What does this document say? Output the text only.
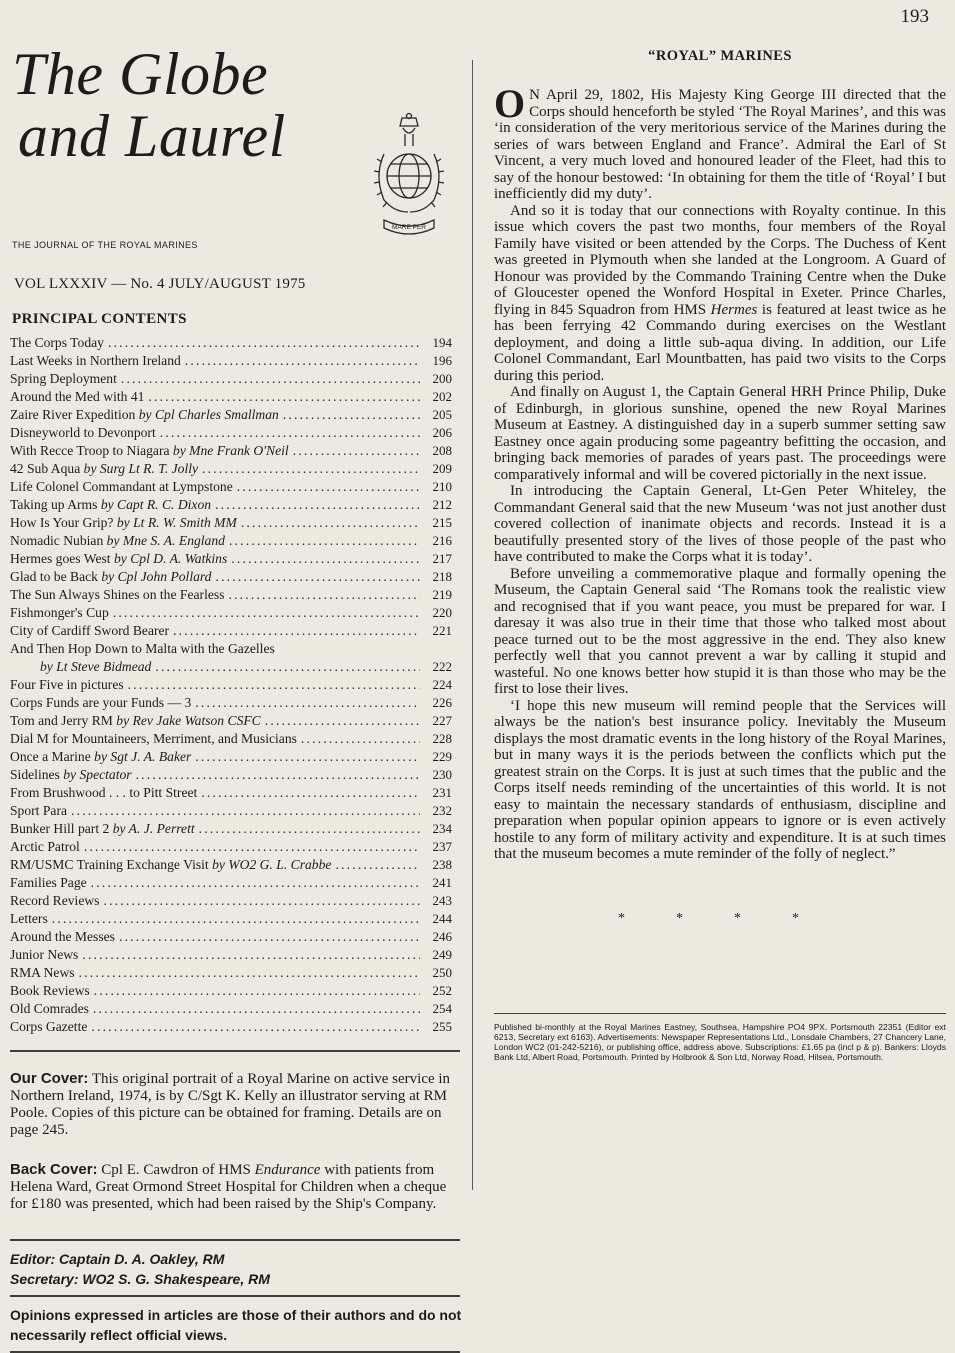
193
The Globe
and Laurel
MARE PER
THE JOURNAL OF THE ROYAL MARINES
VOL LXXXIV — No. 4 JULY/AUGUST 1975
PRINCIPAL CONTENTS
The Corps Today .....	194
Last Weeks in Northern Ireland .....	196
Spring Deployment .....	200
Around the Med with 41 .....	202
Zaire River Expedition by Cpl Charles Smallman .....	205
Disneyworld to Devonport .....	206
With Recce Troop to Niagara by Mne Frank O'Neil .....	208
42 Sub Aqua by Surg Lt R. T. Jolly .....	209
Life Colonel Commandant at Lympstone .....	210
Taking up Arms by Capt R. C. Dixon .....	212
How Is Your Grip? by Lt R. W. Smith MM .....	215
Nomadic Nubian by Mne S. A. England .....	216
Hermes goes West by Cpl D. A. Watkins .....	217
Glad to be Back by Cpl John Pollard .....	218
The Sun Always Shines on the Fearless .....	219
Fishmonger's Cup .....	220
City of Cardiff Sword Bearer .....	221
And Then Hop Down to Malta with the Gazelles
by Lt Steve Bidmead .....	222
Four Five in pictures .....	224
Corps Funds are your Funds — 3 .....	226
Tom and Jerry RM by Rev Jake Watson CSFC .....	227
Dial M for Mountaineers, Merriment, and Musicians .....	228
Once a Marine by Sgt J. A. Baker .....	229
Sidelines by Spectator .....	230
From Brushwood . . . to Pitt Street .....	231
Sport Para .....	232
Bunker Hill part 2 by A. J. Perrett .....	234
Arctic Patrol .....	237
RM/USMC Training Exchange Visit by WO2 G. L. Crabbe .....	238
Families Page .....	241
Record Reviews .....	243
Letters .....	244
Around the Messes .....	246
Junior News .....	249
RMA News .....	250
Book Reviews .....	252
Old Comrades .....	254
Corps Gazette .....	255
Our Cover: This original portrait of a Royal Marine on active service in Northern Ireland, 1974, is by C/Sgt K. Kelly an illustrator serving at RM Poole. Copies of this picture can be obtained for framing. Details are on page 245.
Back Cover: Cpl E. Cawdron of HMS Endurance with patients from Helena Ward, Great Ormond Street Hospital for Children when a cheque for £180 was presented, which had been raised by the Ship's Company.
Editor: Captain D. A. Oakley, RM
Secretary: WO2 S. G. Shakespeare, RM
Opinions expressed in articles are those of their authors and do not necessarily reflect official views.
“ROYAL” MARINES

O N April 29, 1802, His Majesty King George III directed that the Corps should henceforth be styled ‘The Royal Marines’, and this was ‘in consideration of the very meritorious service of the Marines during the series of wars between England and France’. Admiral the Earl of St Vincent, a very much loved and honoured leader of the Fleet, had this to say of the honour bestowed: ‘In obtaining for them the title of ‘Royal’ I but inefficiently did my duty’.

And so it is today that our connections with Royalty continue. In this issue which covers the past two months, four members of the Royal Family have visited or been attended by the Corps. The Duchess of Kent was greeted in Plymouth when she landed at the Longroom. A Guard of Honour was provided by the Commando Training Centre when the Duke of Gloucester opened the Wonford Hospital in Exeter. Prince Charles, flying in 845 Squadron from HMS Hermes is featured at least twice as he has been ferrying 42 Commando during exercises on the Westlant deployment, and doing a little sub-aqua diving. In addition, our Life Colonel Commandant, Earl Mountbatten, has paid two visits to the Corps during this period.

And finally on August 1, the Captain General HRH Prince Philip, Duke of Edinburgh, in glorious sunshine, opened the new Royal Marines Museum at Eastney. A distinguished day in a superb summer setting saw Eastney once again producing some pageantry befitting the occasion, and bringing back memories of parades of years past. The proceedings were comparatively informal and will be covered pictorially in the next issue.

In introducing the Captain General, Lt-Gen Peter Whiteley, the Commandant General said that the new Museum ‘was not just another dust covered collection of inanimate objects and records. Instead it is a beautifully presented story of the lives of those people of the past who have contributed to make the Corps what it is today’.

Before unveiling a commemorative plaque and formally opening the Museum, the Captain General said ‘The Romans took the realistic view and recognised that if you want peace, you must be prepared for war. I daresay it was also true in their time that those who talked most about peace turned out to be the most aggressive in the end. They also knew perfectly well that you cannot prevent a war by calling it stupid and wasteful. No one knows better how stupid it is than those who may be the first to lose their lives.

‘I hope this new museum will remind people that the Services will always be the nation's best insurance policy. Inevitably the Museum displays the most dramatic events in the long history of the Royal Marines, but in many ways it is the periods between the conflicts which put the greatest strain on the Corps. It is just at such times that the public and the Corps itself needs reminding of the uncertainties of this world. It is not easy to maintain the necessary standards of enthusiasm, discipline and preparation when popular opinion appears to ignore or is even actively hostile to any form of military activity and expenditure. It is at such times that the museum becomes a mute reminder of the folly of neglect.”

*	*	*	*
Published bi-monthly at the Royal Marines Eastney, Southsea, Hampshire PO4 9PX. Portsmouth 22351 (Editor ext 6213, Secretary ext 6163). Advertisements: Newspaper Representations Ltd., Lonsdale Chambers, 27 Chancery Lane, London WC2 (01-242-5216), or publishing office, address above. Subscriptions: £1.65 pa (incl p & p). Bankers: Lloyds Bank Ltd, Albert Road, Portsmouth. Printed by Holbrook & Son Ltd, Norway Road, Hilsea, Portsmouth.
